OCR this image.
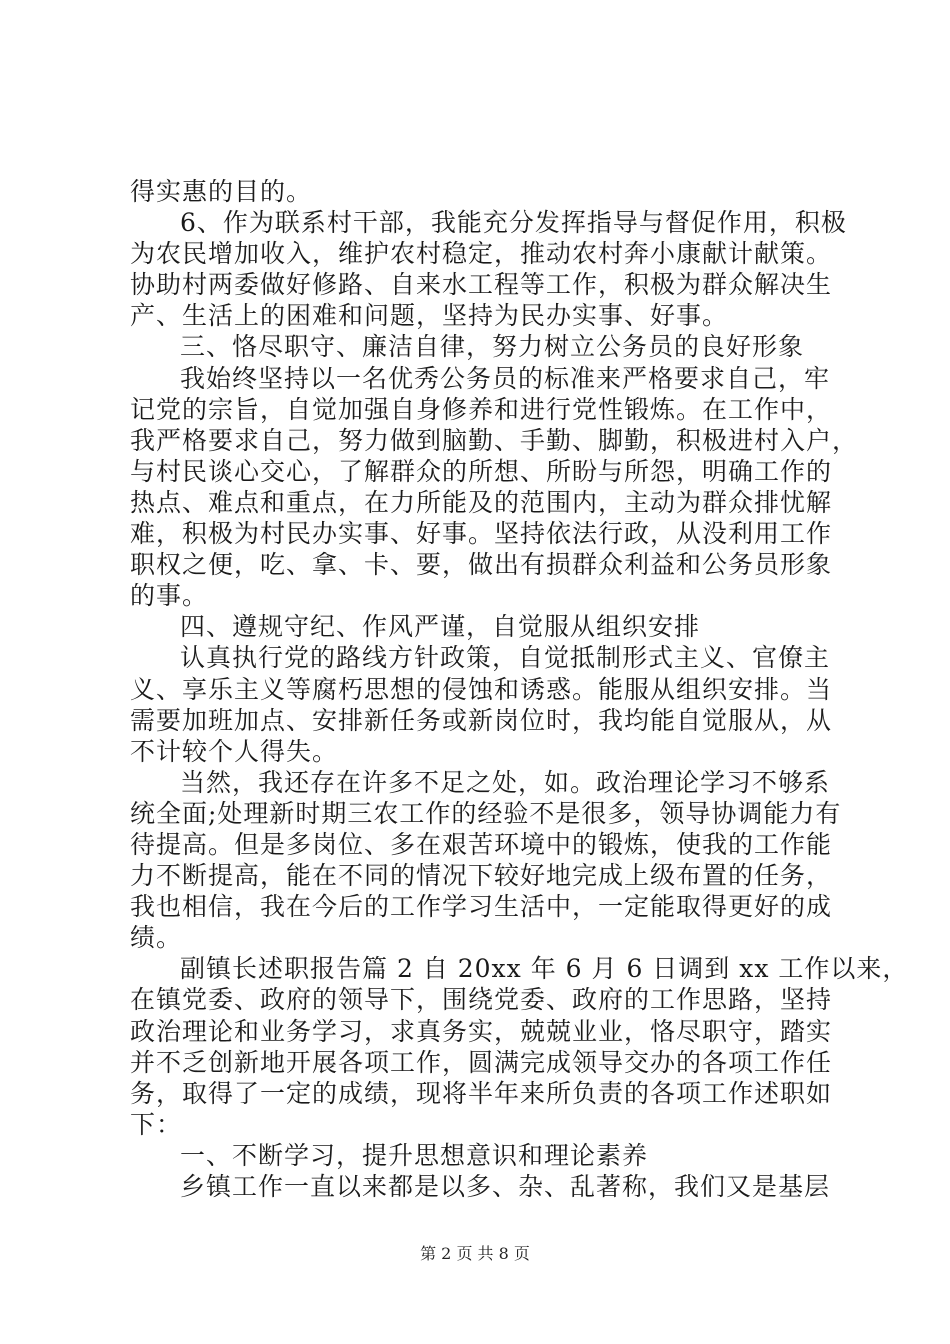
得实惠的目的。
6、作为联系村干部，我能充分发挥指导与督促作用，积极
为农民增加收入，维护农村稳定，推动农村奔小康献计献策。
协助村两委做好修路、自来水工程等工作，积极为群众解决生
产、生活上的困难和问题，坚持为民办实事、好事。
三、恪尽职守、廉洁自律，努力树立公务员的良好形象
我始终坚持以一名优秀公务员的标准来严格要求自己，牢
记党的宗旨，自觉加强自身修养和进行党性锻炼。在工作中，
我严格要求自己，努力做到脑勤、手勤、脚勤，积极进村入户，
与村民谈心交心，了解群众的所想、所盼与所怨，明确工作的
热点、难点和重点，在力所能及的范围内，主动为群众排忧解
难，积极为村民办实事、好事。坚持依法行政，从没利用工作
职权之便，吃、拿、卡、要，做出有损群众利益和公务员形象
的事。
四、遵规守纪、作风严谨，自觉服从组织安排
认真执行党的路线方针政策，自觉抵制形式主义、官僚主
义、享乐主义等腐朽思想的侵蚀和诱惑。能服从组织安排。当
需要加班加点、安排新任务或新岗位时，我均能自觉服从，从
不计较个人得失。
当然，我还存在许多不足之处，如。政治理论学习不够系
统全面;处理新时期三农工作的经验不是很多，领导协调能力有
待提高。但是多岗位、多在艰苦环境中的锻炼，使我的工作能
力不断提高，能在不同的情况下较好地完成上级布置的任务，
我也相信，我在今后的工作学习生活中，一定能取得更好的成
绩。
副镇长述职报告篇 2 自 20xx 年 6 月 6 日调到 xx 工作以来，
在镇党委、政府的领导下，围绕党委、政府的工作思路，坚持
政治理论和业务学习，求真务实，兢兢业业，恪尽职守，踏实
并不乏创新地开展各项工作，圆满完成领导交办的各项工作任
务，取得了一定的成绩，现将半年来所负责的各项工作述职如
下：
一、不断学习，提升思想意识和理论素养
乡镇工作一直以来都是以多、杂、乱著称，我们又是基层
第 2 页 共 8 页
